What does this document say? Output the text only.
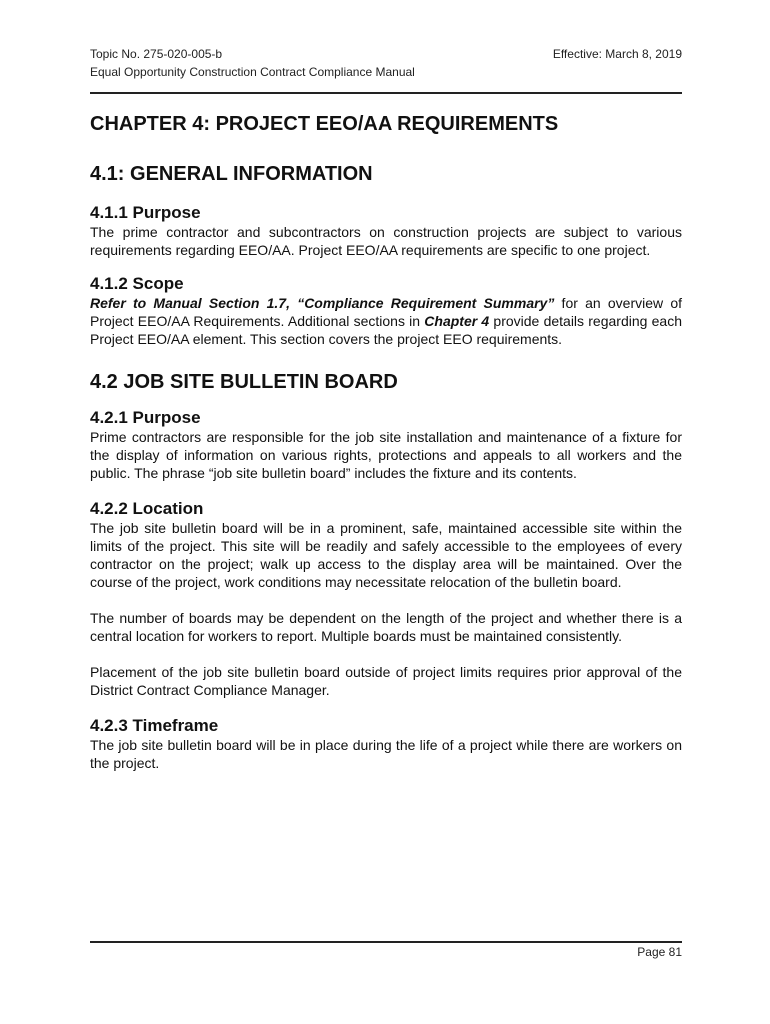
Topic No. 275-020-005-b
Equal Opportunity Construction Contract Compliance Manual
Effective: March 8, 2019
CHAPTER 4: PROJECT EEO/AA REQUIREMENTS
4.1: GENERAL INFORMATION
4.1.1 Purpose

The prime contractor and subcontractors on construction projects are subject to various requirements regarding EEO/AA. Project EEO/AA requirements are specific to one project.

4.1.2 Scope

Refer to Manual Section 1.7, “Compliance Requirement Summary” for an overview of Project EEO/AA Requirements. Additional sections in Chapter 4 provide details regarding each Project EEO/AA element. This section covers the project EEO requirements.

4.2 JOB SITE BULLETIN BOARD
4.2.1 Purpose

Prime contractors are responsible for the job site installation and maintenance of a fixture for the display of information on various rights, protections and appeals to all workers and the public. The phrase “job site bulletin board” includes the fixture and its contents.

4.2.2 Location

The job site bulletin board will be in a prominent, safe, maintained accessible site within the limits of the project. This site will be readily and safely accessible to the employees of every contractor on the project; walk up access to the display area will be maintained. Over the course of the project, work conditions may necessitate relocation of the bulletin board.

The number of boards may be dependent on the length of the project and whether there is a central location for workers to report. Multiple boards must be maintained consistently.

Placement of the job site bulletin board outside of project limits requires prior approval of the District Contract Compliance Manager.

4.2.3 Timeframe

The job site bulletin board will be in place during the life of a project while there are workers on the project.

Page 81
